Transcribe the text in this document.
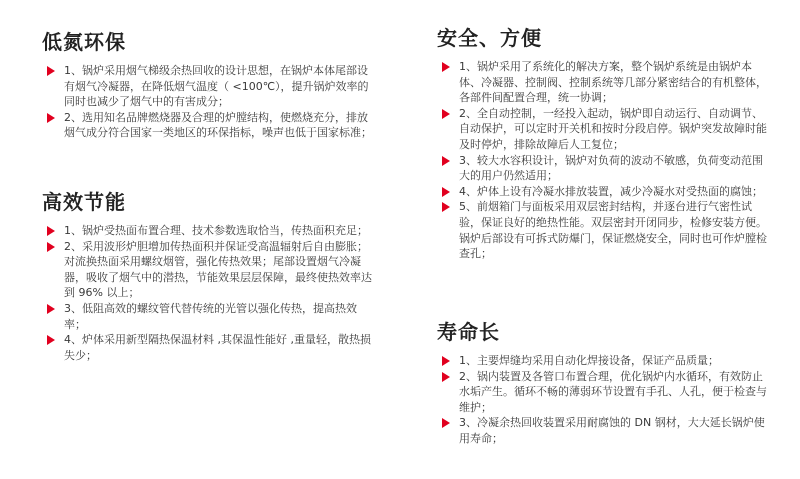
低氮环保
1、锅炉采用烟气梯级余热回收的设计思想，在锅炉本体尾部设有烟气冷凝器，在降低烟气温度（ <100℃），提升锅炉效率的同时也减少了烟气中的有害成分；
2、选用知名品牌燃烧器及合理的炉膛结构，使燃烧充分，排放烟气成分符合国家一类地区的环保指标，噪声也低于国家标准；
高效节能
1、锅炉受热面布置合理、技术参数选取恰当，传热面积充足；
2、采用波形炉胆增加传热面积并保证受高温辐射后自由膨胀；对流换热面采用螺纹烟管，强化传热效果；尾部设置烟气冷凝器，吸收了烟气中的潜热，节能效果层层保障，最终使热效率达到 96% 以上；
3、低阻高效的螺纹管代替传统的光管以强化传热，提高热效率；
4、炉体采用新型隔热保温材料 ,其保温性能好 ,重量轻，散热损失少；
安全、方便
1、锅炉采用了系统化的解决方案，整个锅炉系统是由锅炉本体、冷凝器、控制阀、控制系统等几部分紧密结合的有机整体，各部件间配置合理，统一协调；
2、全自动控制，一经投入起动，锅炉即自动运行、自动调节、自动保护，可以定时开关机和按时分段启停。锅炉突发故障时能及时停炉，排除故障后人工复位；
3、较大水容积设计，锅炉对负荷的波动不敏感，负荷变动范围大的用户仍然适用；
4、炉体上设有冷凝水排放装置，减少冷凝水对受热面的腐蚀；
5、前烟箱门与面板采用双层密封结构，并逐台进行气密性试验，保证良好的绝热性能。双层密封开闭同步，检修安装方便。锅炉后部设有可拆式防爆门，保证燃烧安全，同时也可作炉膛检查孔；
寿命长
1、主要焊缝均采用自动化焊接设备，保证产品质量；
2、锅内装置及各管口布置合理，优化锅炉内水循环，有效防止水垢产生。循环不畅的薄弱环节设置有手孔、人孔，便于检查与维护；
3、冷凝余热回收装置采用耐腐蚀的 DN 钢材，大大延长锅炉使用寿命；
